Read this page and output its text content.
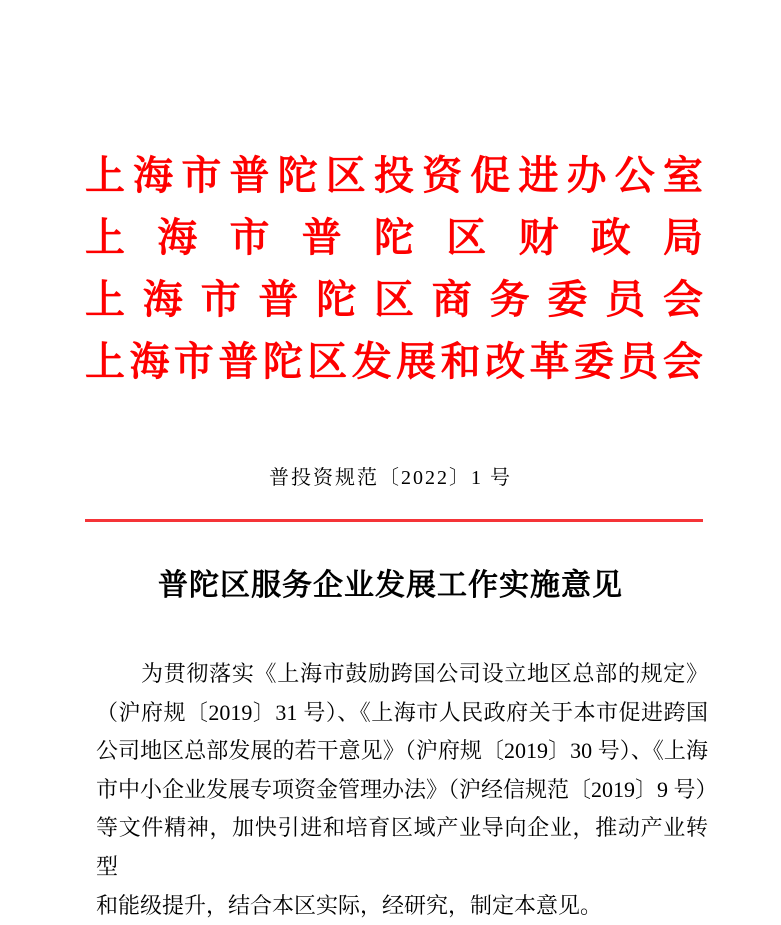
上 海 市 普 陀 区 投 资 促 进 办 公 室
上 海 市 普 陀 区 财 政 局
上 海 市 普 陀 区 商 务 委 员 会
上 海 市 普 陀 区 发 展 和 改 革 委 员 会
普投资规范〔2022〕1 号
普陀区服务企业发展工作实施意见
为贯彻落实《上海市鼓励跨国公司设立地区总部的规定》
（沪府规〔2019〕31 号）、《上海市人民政府关于本市促进跨国
公司地区总部发展的若干意见》（沪府规〔2019〕30 号）、《上海
市中小企业发展专项资金管理办法》（沪经信规范〔2019〕9 号）
等文件精神，加快引进和培育区域产业导向企业，推动产业转型
和能级提升，结合本区实际，经研究，制定本意见。
